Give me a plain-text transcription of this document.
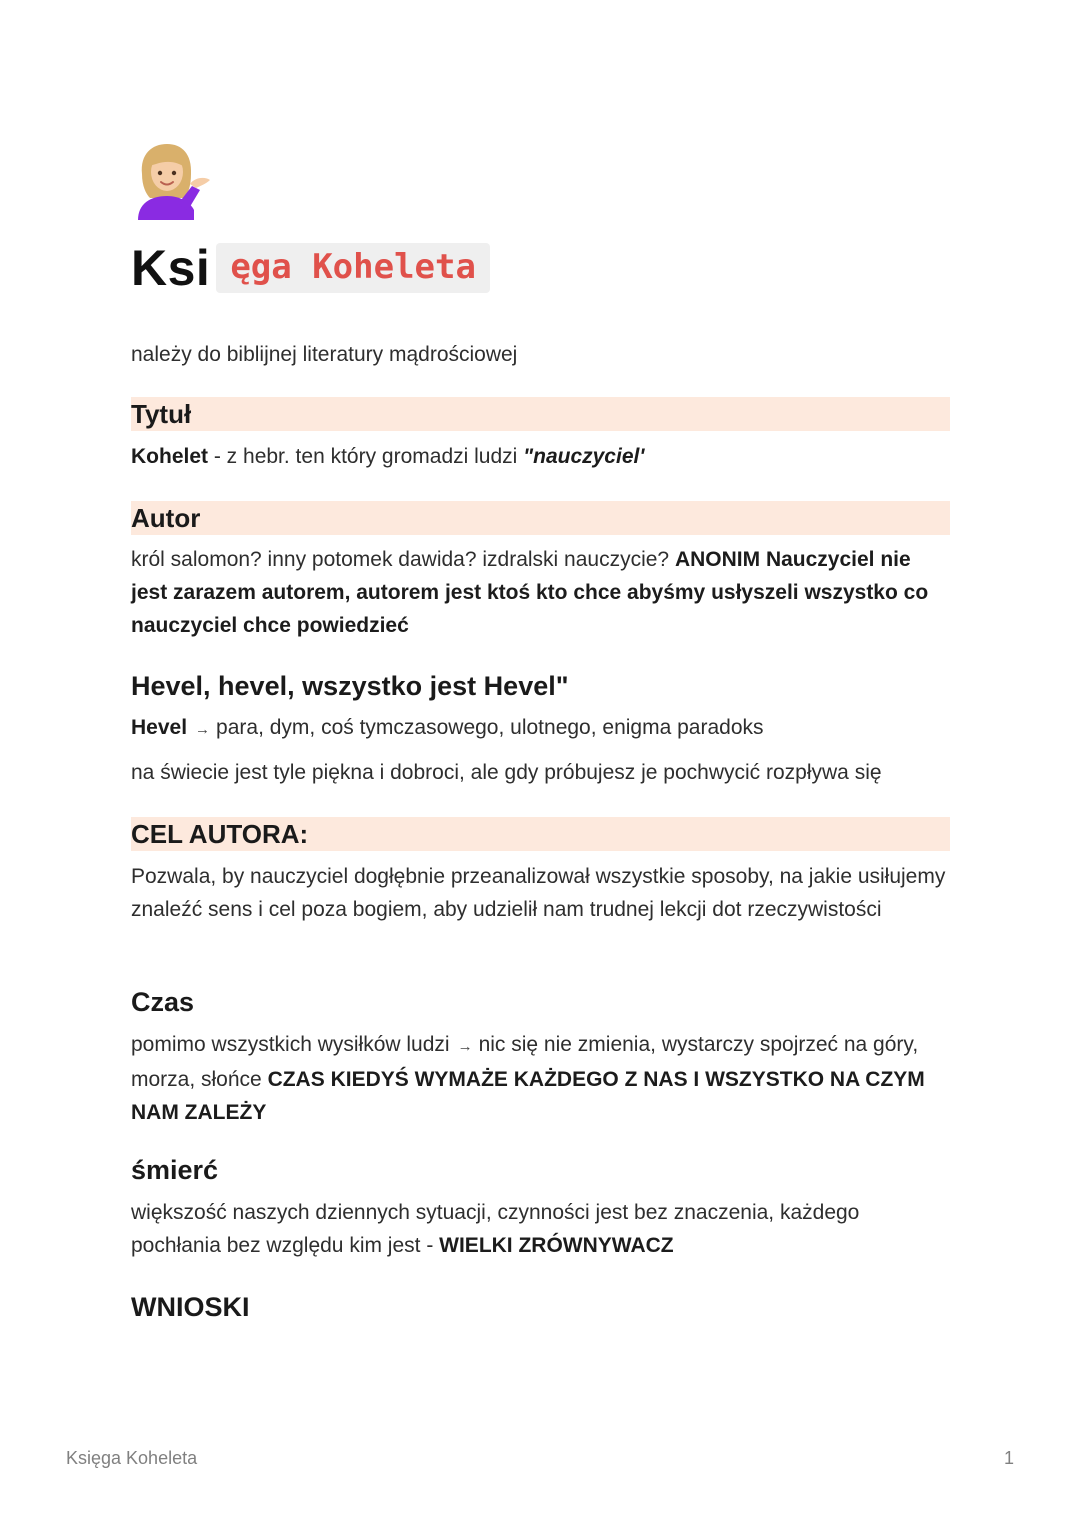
Ksi ęga Koheleta

należy do biblijnej literatury mądrościowej

Tytuł

Kohelet - z hebr. ten który gromadzi ludzi "nauczyciel'

Autor

król salomon? inny potomek dawida? izdralski nauczycie? ANONIM Nauczyciel nie jest zarazem autorem, autorem jest ktoś kto chce abyśmy usłyszeli wszystko co nauczyciel chce powiedzieć

Hevel, hevel, wszystko jest Hevel"

Hevel → para, dym, coś tymczasowego, ulotnego, enigma paradoks

na świecie jest tyle piękna i dobroci, ale gdy próbujesz je pochwycić rozpływa się

CEL AUTORA:

Pozwala, by nauczyciel dogłębnie przeanalizował wszystkie sposoby, na jakie usiłujemy znaleźć sens i cel poza bogiem, aby udzielił nam trudnej lekcji dot rzeczywistości

Czas

pomimo wszystkich wysiłków ludzi → nic się nie zmienia, wystarczy spojrzeć na góry, morza, słońce CZAS KIEDYŚ WYMAŻE KAŻDEGO Z NAS I WSZYSTKO NA CZYM NAM ZALEŻY

śmierć

większość naszych dziennych sytuacji, czynności jest bez znaczenia, każdego pochłania bez względu kim jest - WIELKI ZRÓWNYWACZ

WNIOSKI
Księga Koheleta	1
